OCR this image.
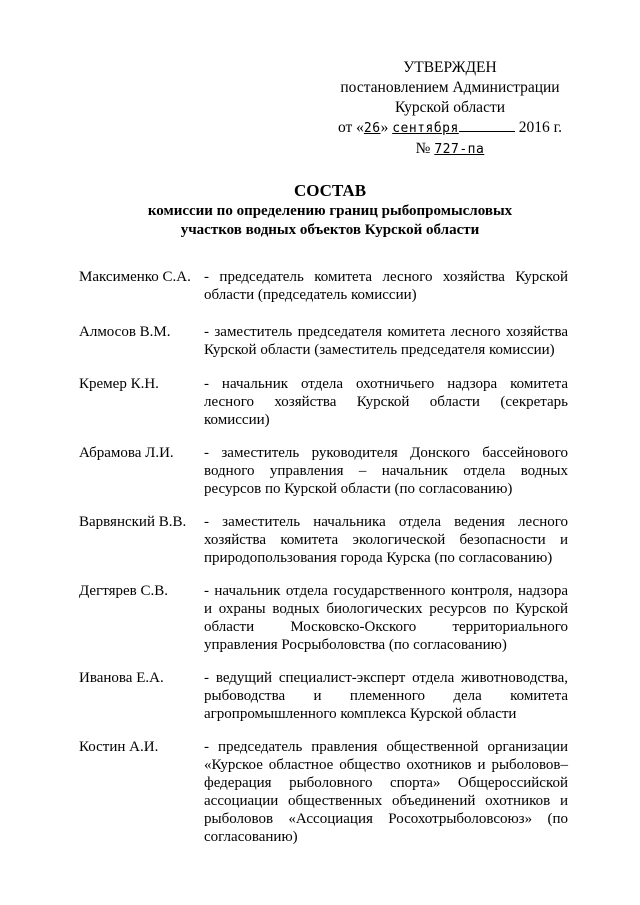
УТВЕРЖДЕН
постановлением Администрации
Курской области
от «26» сентября	2016 г.
№ 727-па
СОСТАВ
комиссии по определению границ рыбопромысловых
участков водных объектов Курской области
Максименко С.А. - председатель комитета лесного хозяйства Курской области (председатель комиссии)
Алмосов В.М.	- заместитель председателя комитета лесного хозяйства Курской области (заместитель председателя комиссии)
Кремер К.Н.	- начальник отдела охотничьего надзора комитета лесного хозяйства Курской области (секретарь комиссии)
Абрамова Л.И.	- заместитель руководителя Донского бассейнового водного управления – начальник отдела водных ресурсов по Курской области (по согласованию)
Варвянский В.В.	- заместитель начальника отдела ведения лесного хозяйства комитета экологической безопасности и природопользования города Курска (по согласованию)
Дегтярев С.В.	- начальник отдела государственного контроля, надзора и охраны водных биологических ресурсов по Курской области Московско-Окского территориального управления Росрыболовства (по согласованию)
Иванова Е.А.	- ведущий специалист-эксперт отдела животноводства, рыбоводства и племенного дела комитета агропромышленного комплекса Курской области
Костин А.И.	- председатель правления общественной организации «Курское областное общество охотников и рыболовов– федерация рыболовного спорта» Общероссийской ассоциации общественных объединений охотников и рыболовов «Ассоциация Росохотрыболовсоюз» (по согласованию)
